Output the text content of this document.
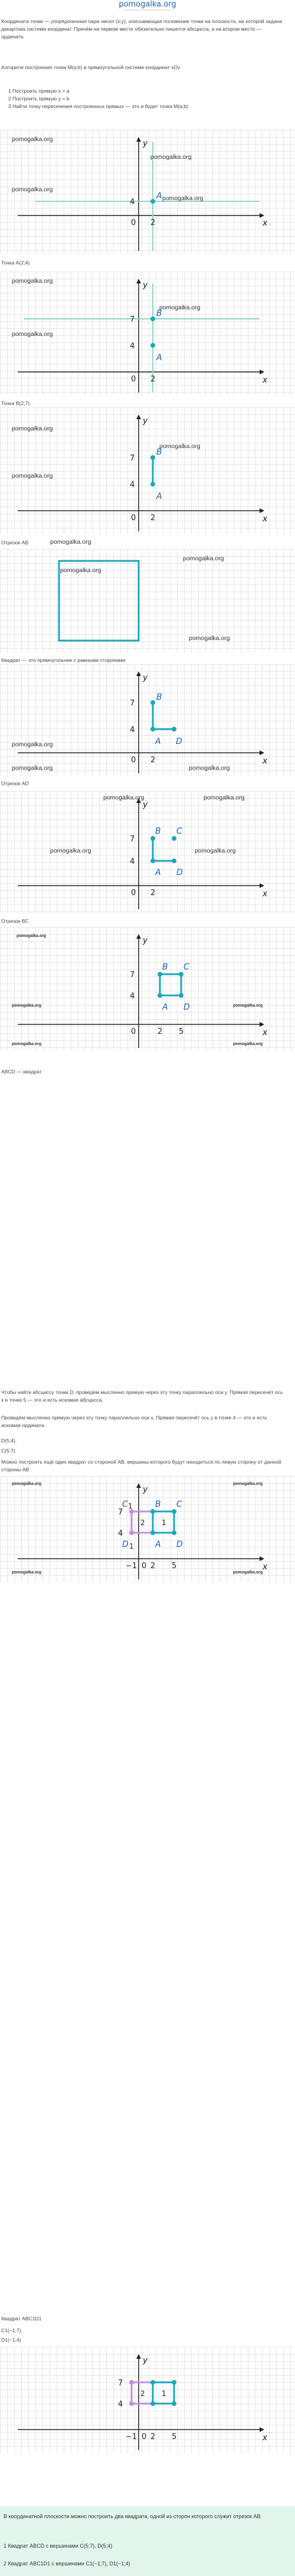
pomogalka.org
Координата точки — упорядоченная пара чисел (x;y), описывающая положение точки на плоскости, на которой задана декартова система координат. Причём на первом месте обязательно пишется абсцисса, а на втором месте — ордината.
Алгоритм построения точки M(a;b) в прямоугольной системе координат xOy
1 Построить прямую x = a
2 Построить прямую y = b
3 Найти точку пересечения построенных прямых — это и будет точка M(a;b)
4
0 2
A
y
x
pomogalka.org
pomogalka.org
pomogalka.org
pomogalka.org
Точка A(2;4).
7
4
0 2
B
A
y
x
pomogalka.org
pomogalka.org
pomogalka.org
Точка B(2;7).
7
4
0 2
B
A
y
x
pomogalka.org
pomogalka.org
pomogalka.org
Отрезок AB	pomogalka.org
pomogalka.org
pomogalka.org
pomogalka.org
Квадрат — это прямоугольник с равными сторонами
7
4
0 2
B
A D
y
x
pomogalka.org
pomogalka.org	pomogalka.org
Отрезок AD
7
4
0 2
B C
A D
y
x
pomogalka.org	pomogalka.org
pomogalka.org	pomogalka.org
Отрезок BC
7
4
0	2 5
B C
A D
y
x
pomogalka.org
pomogalka.org	pomogalka.org
pomogalka.org	pomogalka.org
ABCD — квадрат
Чтобы найти абсциссу точки D, проведём мысленно прямую через эту точку параллельно оси y. Прямая пересечёт ось x в точке 5 — это и есть искомая абсцисса.
Проведём мысленно прямую через эту точку параллельно оси x. Прямая пересечёт ось y в точке 4 — это и есть искомая ордината.
D(5;4).
C(5;7)
Можно построить ещё один квадрат со стороной AB, вершины которого будут находиться по левую сторону от данной стороны AB
2 1
7
4
C 1
D 1
B C
A D
0 2 5
−1
y
x
pomogalka.org	pomogalka.org
pomogalka.org	pomogalka.org
Квадрат ABC1D1
C1(−1;7).
D1(−1;4)
2 1
7
4
0 2 5
−1
y
x
В координатной плоскости можно построить два квадрата, одной из сторон которого служит отрезок AB.
1 Квадрат ABCD с вершинами C(5;7), D(5;4)
2 Квадрат ABC1D1 с вершинами C1(−1;7), D1(−1;4)
